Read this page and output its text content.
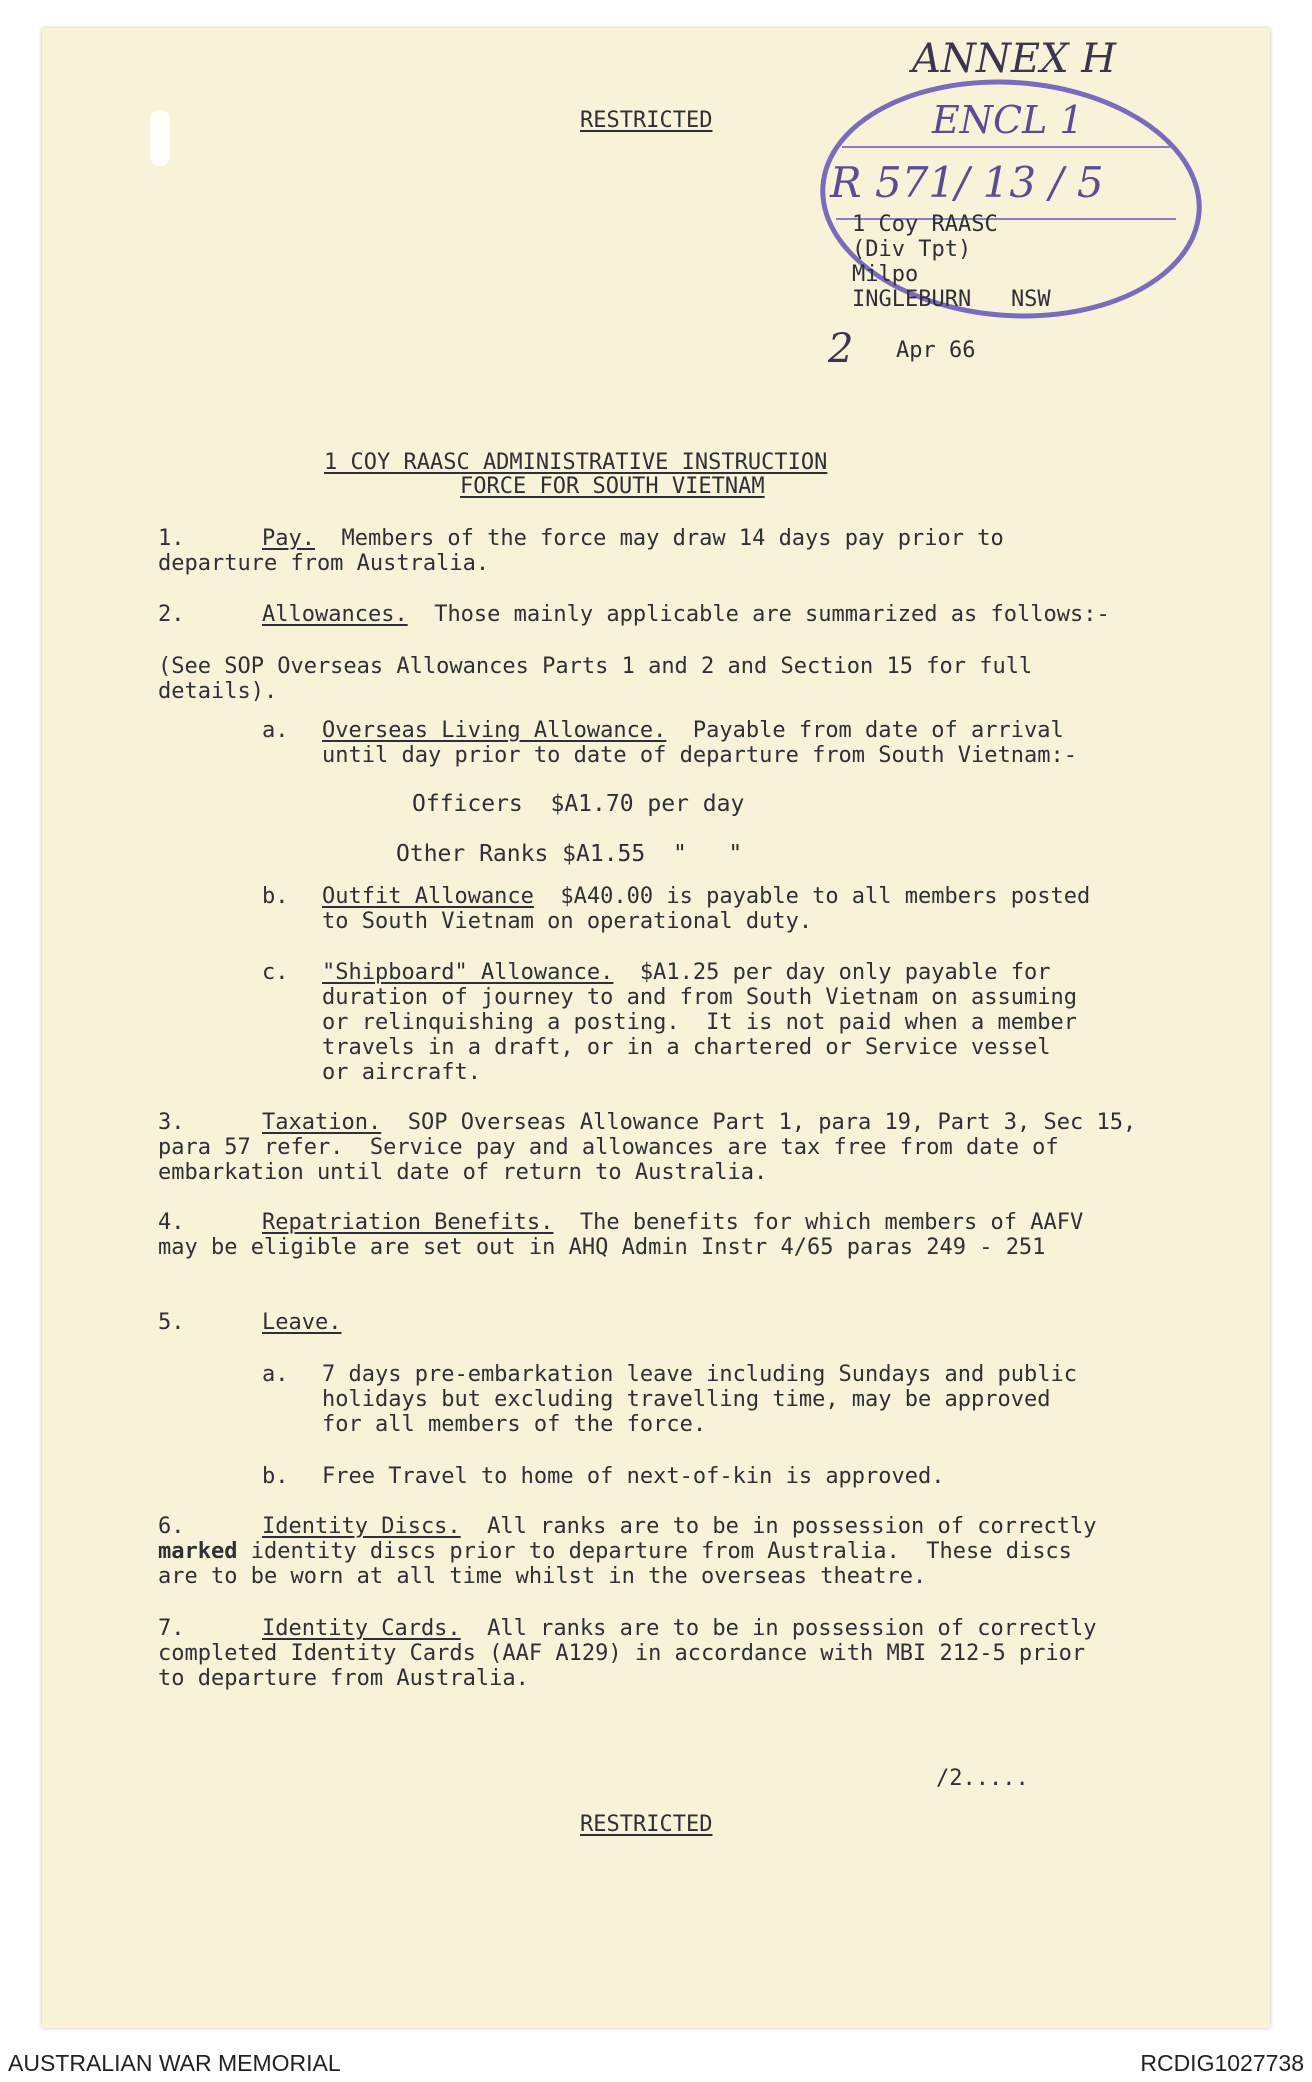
ANNEX H
ENCL 1
R 571/ 13 / 5
RESTRICTED
1 Coy RAASC
(Div Tpt)
Milpo
INGLEBURN   NSW
2 Apr 66
1 COY RAASC ADMINISTRATIVE INSTRUCTION
FORCE FOR SOUTH VIETNAM
1.	Pay.  Members of the force may draw 14 days pay prior to
departure from Australia.
2.	Allowances.  Those mainly applicable are summarized as follows:-
(See SOP Overseas Allowances Parts 1 and 2 and Section 15 for full
details).
a. Overseas Living Allowance.  Payable from date of arrival
until day prior to date of departure from South Vietnam:-
Officers  $A1.70 per day
Other Ranks $A1.55  "   "
b. Outfit Allowance  $A40.00 is payable to all members posted
to South Vietnam on operational duty.
c. "Shipboard" Allowance.  $A1.25 per day only payable for
duration of journey to and from South Vietnam on assuming
or relinquishing a posting.  It is not paid when a member
travels in a draft, or in a chartered or Service vessel
or aircraft.
3.	Taxation.  SOP Overseas Allowance Part 1, para 19, Part 3, Sec 15,
para 57 refer.  Service pay and allowances are tax free from date of
embarkation until date of return to Australia.
4.	Repatriation Benefits.  The benefits for which members of AAFV
may be eligible are set out in AHQ Admin Instr 4/65 paras 249 - 251
5.	Leave.
a. 7 days pre-embarkation leave including Sundays and public
holidays but excluding travelling time, may be approved
for all members of the force.
b. Free Travel to home of next-of-kin is approved.
6.	Identity Discs.  All ranks are to be in possession of correctly
marked identity discs prior to departure from Australia.  These discs
are to be worn at all time whilst in the overseas theatre.
7.	Identity Cards.  All ranks are to be in possession of correctly
completed Identity Cards (AAF A129) in accordance with MBI 212-5 prior
to departure from Australia.
/2.....
RESTRICTED
AUSTRALIAN WAR MEMORIAL	RCDIG1027738
